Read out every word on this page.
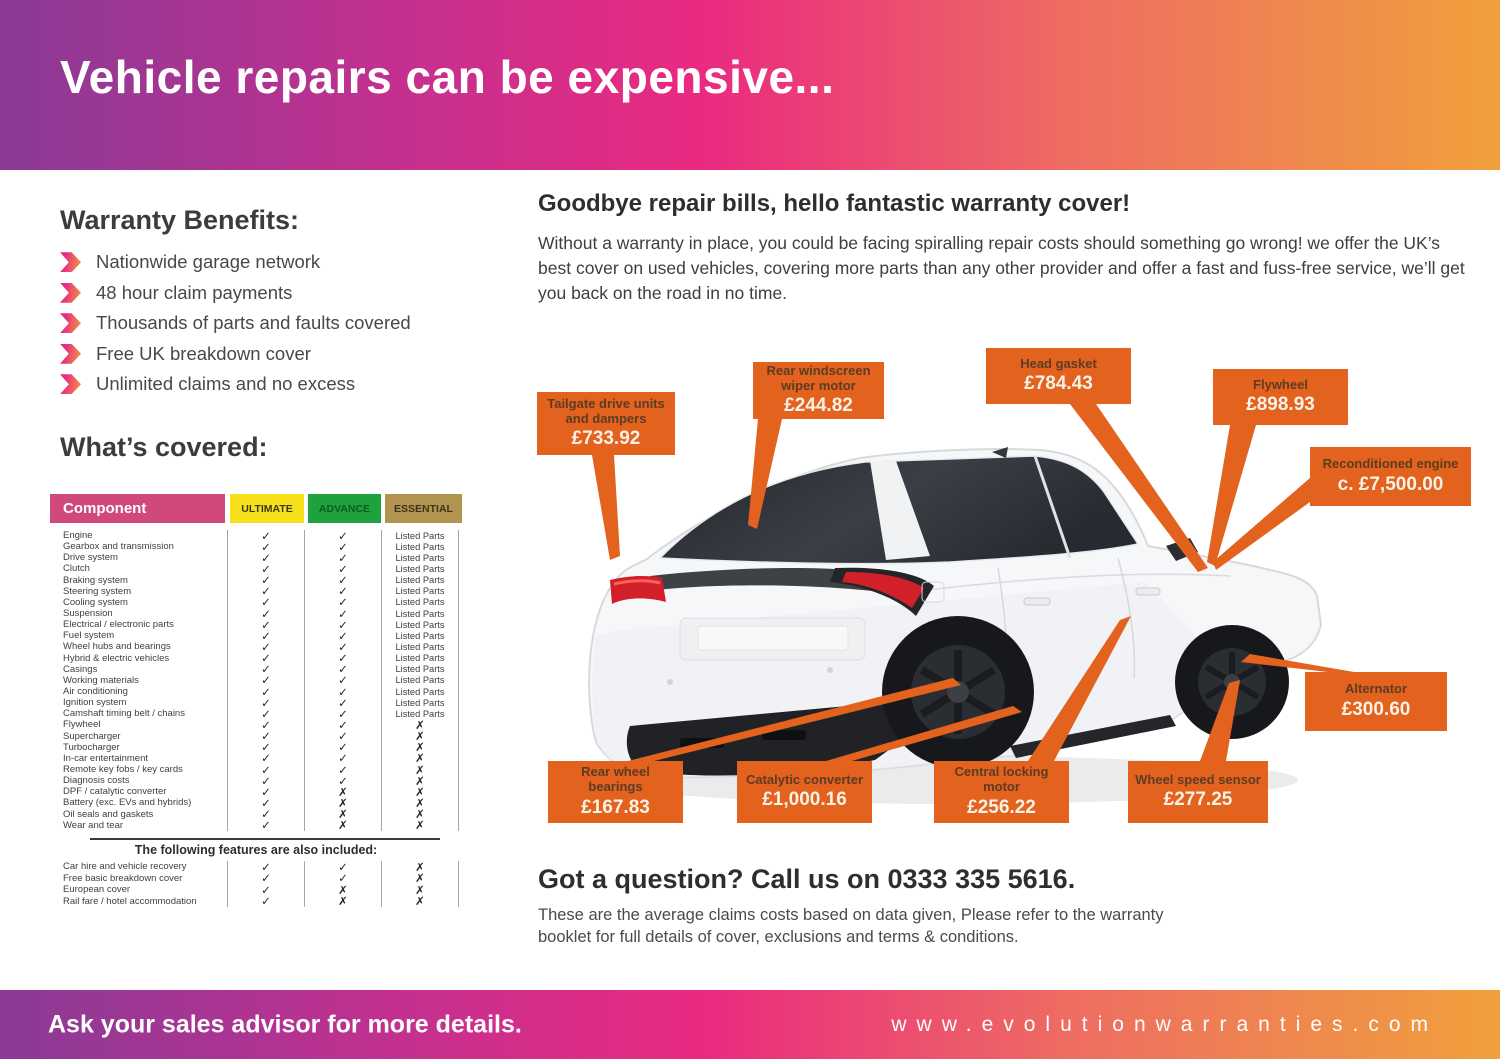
Vehicle repairs can be expensive...
Warranty Benefits:
Nationwide garage network
48 hour claim payments
Thousands of parts and faults covered
Free UK breakdown cover
Unlimited claims and no excess
What’s covered:
Component	ULTIMATE	ADVANCE	ESSENTIAL
Engine	✓	✓	Listed Parts
Gearbox and transmission	✓	✓	Listed Parts
Drive system	✓	✓	Listed Parts
Clutch	✓	✓	Listed Parts
Braking system	✓	✓	Listed Parts
Steering system	✓	✓	Listed Parts
Cooling system	✓	✓	Listed Parts
Suspension	✓	✓	Listed Parts
Electrical / electronic parts	✓	✓	Listed Parts
Fuel system	✓	✓	Listed Parts
Wheel hubs and bearings	✓	✓	Listed Parts
Hybrid & electric vehicles	✓	✓	Listed Parts
Casings	✓	✓	Listed Parts
Working materials	✓	✓	Listed Parts
Air conditioning	✓	✓	Listed Parts
Ignition system	✓	✓	Listed Parts
Camshaft timing belt / chains	✓	✓	Listed Parts
Flywheel	✓	✓	✗
Supercharger	✓	✓	✗
Turbocharger	✓	✓	✗
In-car entertainment	✓	✓	✗
Remote key fobs / key cards	✓	✓	✗
Diagnosis costs	✓	✓	✗
DPF / catalytic converter	✓	✗	✗
Battery (exc. EVs and hybrids)	✓	✗	✗
Oil seals and gaskets	✓	✗	✗
Wear and tear	✓	✗	✗
The following features are also included:
Car hire and vehicle recovery	✓	✓	✗
Free basic breakdown cover	✓	✓	✗
European cover	✓	✗	✗
Rail fare / hotel accommodation	✓	✗	✗
Goodbye repair bills, hello fantastic warranty cover!
Without a warranty in place, you could be facing spiralling repair costs should something go wrong! we offer the UK’s best cover on used vehicles, covering more parts than any other provider and offer a fast and fuss-free service, we’ll get you back on the road in no time.
Tailgate drive units and dampers
£733.92
Rear windscreen wiper motor
£244.82
Head gasket
£784.43	Flywheel
£898.93
Reconditioned engine
c. £7,500.00
Alternator
£300.60
Wheel speed sensor
£277.25
Central locking motor
£256.22
Catalytic converter
£1,000.16
Rear wheel bearings
£167.83
Got a question? Call us on 0333 335 5616.
These are the average claims costs based on data given, Please refer to the warranty booklet for full details of cover, exclusions and terms & conditions.
Ask your sales advisor for more details.	www.evolutionwarranties.com
